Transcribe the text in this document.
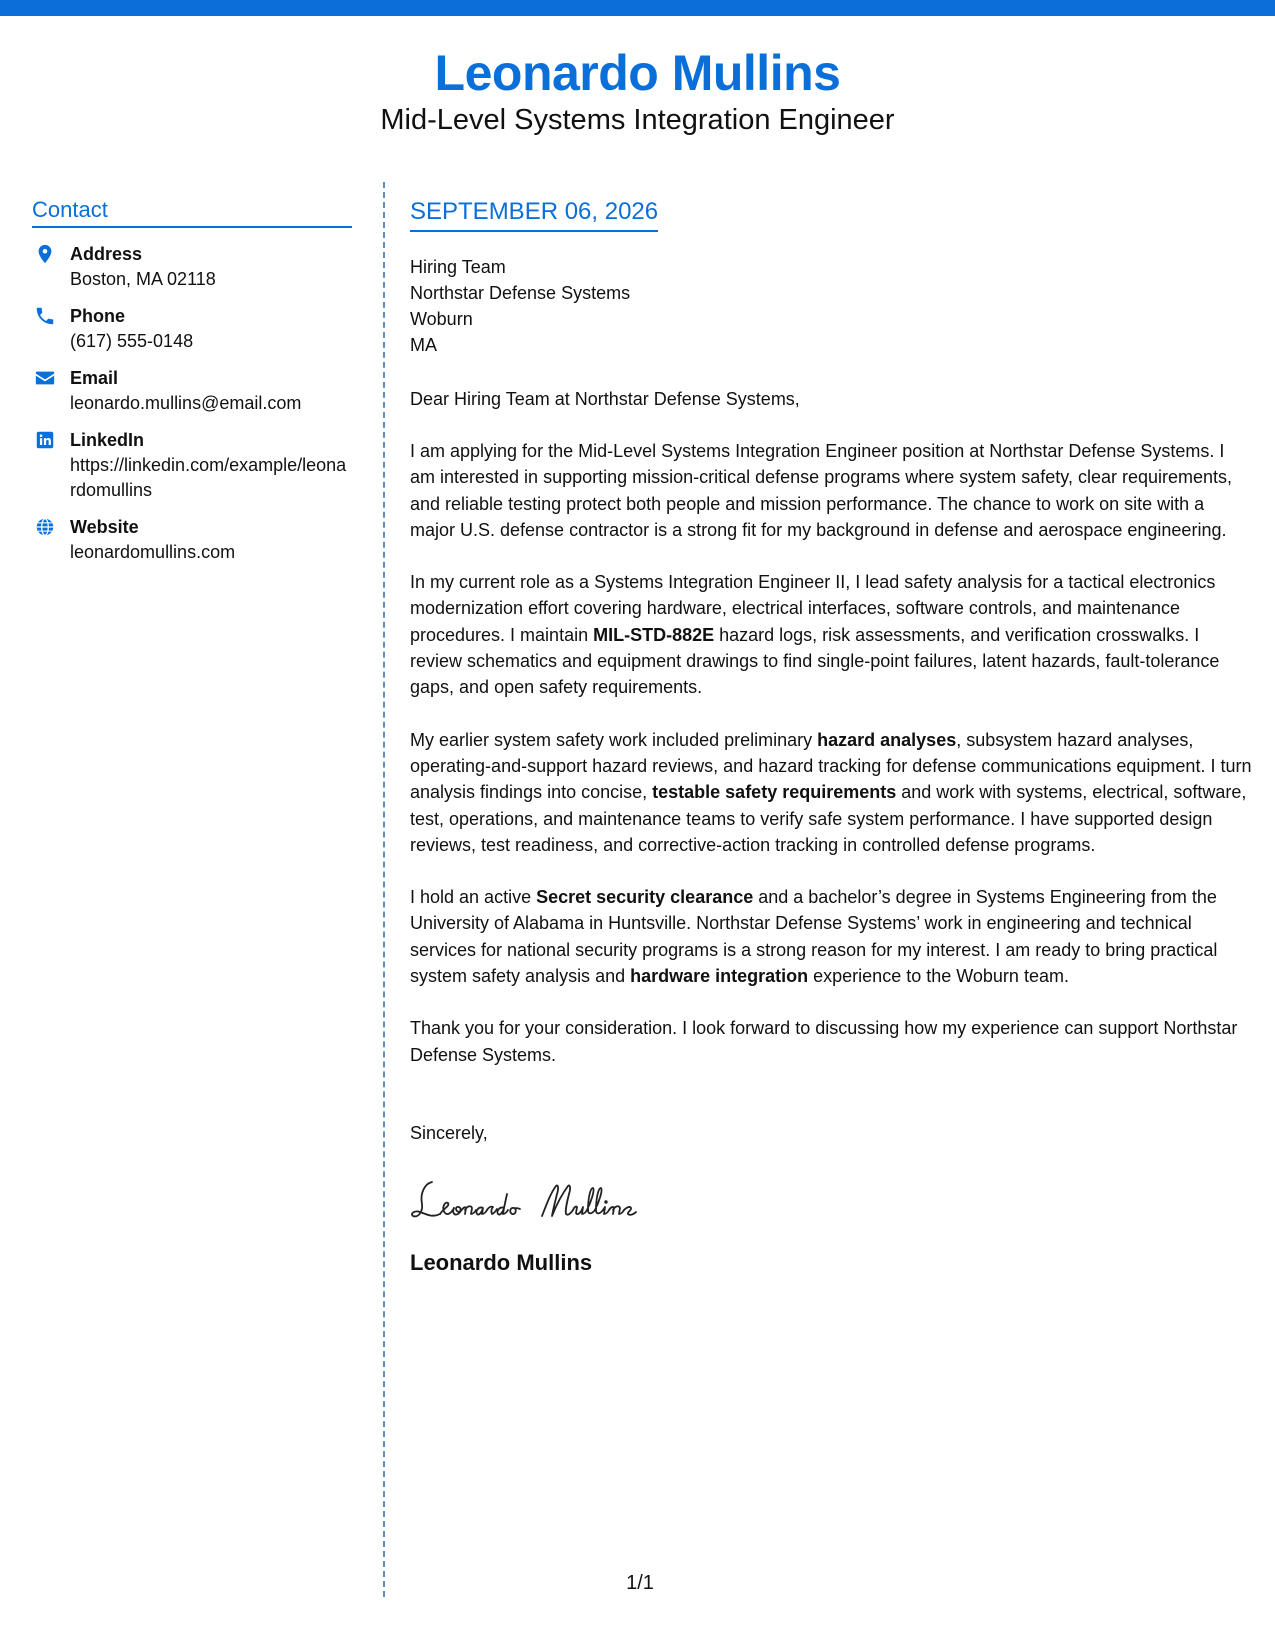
Leonardo Mullins
Mid-Level Systems Integration Engineer
Contact
Address
Boston, MA 02118
Phone
(617) 555-0148
Email
leonardo.mullins@email.com
LinkedIn
https://linkedin.com/example/leonardomullins
Website
leonardomullins.com
SEPTEMBER 06, 2026
Hiring Team
Northstar Defense Systems
Woburn
MA
Dear Hiring Team at Northstar Defense Systems,
I am applying for the Mid-Level Systems Integration Engineer position at Northstar Defense Systems. I am interested in supporting mission-critical defense programs where system safety, clear requirements, and reliable testing protect both people and mission performance. The chance to work on site with a major U.S. defense contractor is a strong fit for my background in defense and aerospace engineering.
In my current role as a Systems Integration Engineer II, I lead safety analysis for a tactical electronics modernization effort covering hardware, electrical interfaces, software controls, and maintenance procedures. I maintain MIL-STD-882E hazard logs, risk assessments, and verification crosswalks. I review schematics and equipment drawings to find single-point failures, latent hazards, fault-tolerance gaps, and open safety requirements.
My earlier system safety work included preliminary hazard analyses, subsystem hazard analyses, operating-and-support hazard reviews, and hazard tracking for defense communications equipment. I turn analysis findings into concise, testable safety requirements and work with systems, electrical, software, test, operations, and maintenance teams to verify safe system performance. I have supported design reviews, test readiness, and corrective-action tracking in controlled defense programs.
I hold an active Secret security clearance and a bachelor’s degree in Systems Engineering from the University of Alabama in Huntsville. Northstar Defense Systems’ work in engineering and technical services for national security programs is a strong reason for my interest. I am ready to bring practical system safety analysis and hardware integration experience to the Woburn team.
Thank you for your consideration. I look forward to discussing how my experience can support Northstar Defense Systems.
Sincerely,
Leonardo Mullins
1/1
